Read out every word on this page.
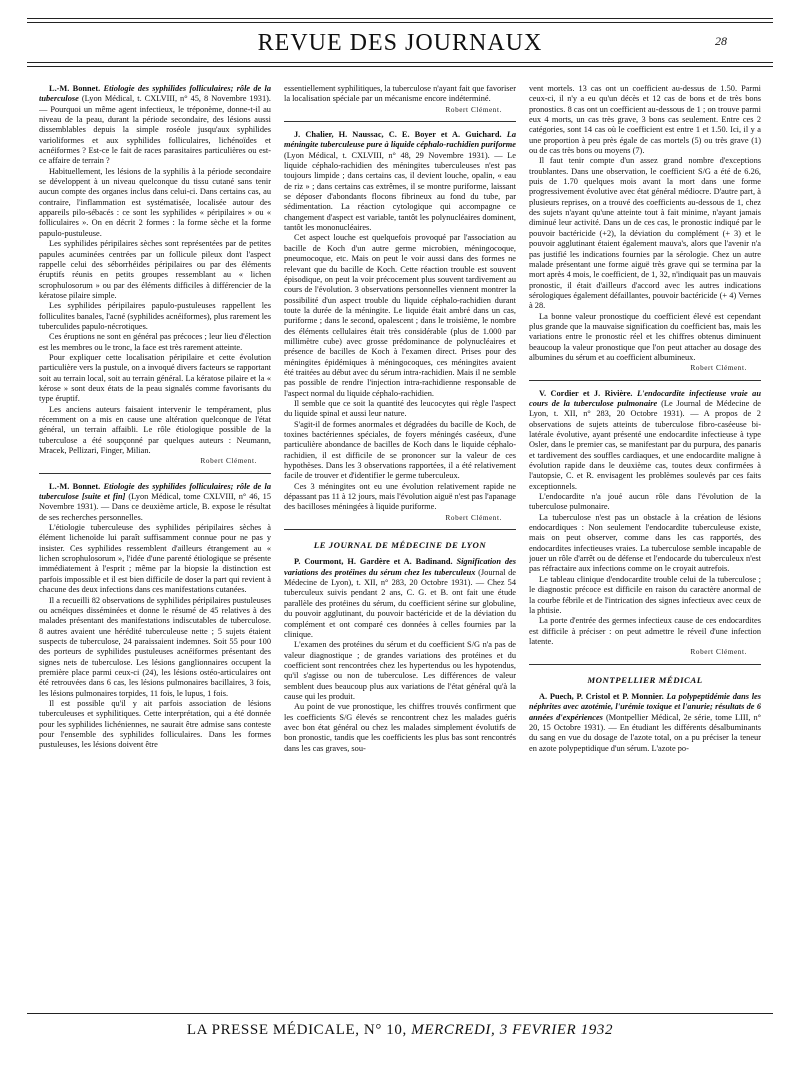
REVUE DES JOURNAUX	28

L.-M. Bonnet. Etiologie des syphilides folliculaires; rôle de la tuberculose (Lyon Médical, t. CXLVIII, n° 45, 8 Novembre 1931). — Pourquoi un même agent infectieux, le tréponème, donne-t-il au niveau de la peau, durant la période secondaire, des lésions aussi dissemblables depuis la simple roséole jusqu'aux syphilides varioliformes et aux syphilides folliculaires, lichénoïdes et acnéiformes ? Est-ce le fait de races parasitaires particulières ou est-ce affaire de terrain ?

Habituellement, les lésions de la syphilis à la période secondaire se développent à un niveau quelconque du tissu cutané sans tenir aucun compte des organes inclus dans celui-ci. Dans certains cas, au contraire, l'inflammation est systématisée, localisée autour des appareils pilo-sébacés : ce sont les syphilides « péripilaires » ou « folliculaires ». On en décrit 2 formes : la forme sèche et la forme papulo-pustuleuse.

Les syphilides péripilaires sèches sont représentées par de petites papules acuminées centrées par un follicule pileux dont l'aspect rappelle celui des séborrhéides péripilaires ou par des éléments éruptifs réunis en petits groupes ressemblant au « lichen scrophulosorum » ou par des éléments difficiles à différencier de la kératose pilaire simple.

Les syphilides péripilaires papulo-pustuleuses rappellent les folliculites banales, l'acné (syphilides acnéiformes), plus rarement les tuberculides papulo-nécrotiques.

Ces éruptions ne sont en général pas précoces ; leur lieu d'élection est les membres ou le tronc, la face est très rarement atteinte.

Pour expliquer cette localisation péripilaire et cette évolution particulière vers la pustule, on a invoqué divers facteurs se rapportant soit au terrain local, soit au terrain général. La kératose pilaire et la « kérose » sont deux états de la peau signalés comme favorisants du type éruptif.

Les anciens auteurs faisaient intervenir le tempérament, plus récemment on a mis en cause une altération quelconque de l'état général, un terrain affaibli. Le rôle étiologique possible de la tuberculose a été soupçonné par quelques auteurs : Neumann, Mracek, Pellizari, Finger, Milian.

Robert Clément.

L.-M. Bonnet. Etiologie des syphilides folliculaires; rôle de la tuberculose [suite et fin] (Lyon Médical, tome CXLVIII, n° 46, 15 Novembre 1931). — Dans ce deuxième article, B. expose le résultat de ses recherches personnelles.

L'étiologie tuberculeuse des syphilides péripilaires sèches à élément lichenoïde lui paraît suffisamment connue pour ne pas y insister. Ces syphilides ressemblent d'ailleurs étrangement au « lichen scrophulosorum », l'idée d'une parenté étiologique se présente immédiatement à l'esprit ; même par la biopsie la distinction est parfois impossible et il est bien difficile de doser la part qui revient à chacune des deux infections dans ces manifestations cutanées.

Il a recueilli 82 observations de syphilides péripilaires pustuleuses ou acnéiques disséminées et donne le résumé de 45 relatives à des malades présentant des manifestations indiscutables de tuberculose. 8 autres avaient une hérédité tuberculeuse nette ; 5 sujets étaient suspects de tuberculose, 24 paraissaient indemnes. Soit 55 pour 100 des porteurs de syphilides pustuleuses acnéiformes présentant des signes nets de tuberculose. Les lésions ganglionnaires occupent la première place parmi ceux-ci (24), les lésions ostéo-articulaires ont été retrouvées dans 6 cas, les lésions pulmonaires bacillaires, 3 fois, les lésions pulmonaires torpides, 11 fois, le lupus, 1 fois.

Il est possible qu'il y ait parfois association de lésions tuberculeuses et syphilitiques. Cette interprétation, qui a été donnée pour les syphilides lichéniennes, ne saurait être admise sans conteste pour l'ensemble des syphilides folliculaires. Dans les formes pustuleuses, les lésions doivent être

essentiellement syphilitiques, la tuberculose n'ayant fait que favoriser la localisation spéciale par un mécanisme encore indéterminé.

Robert Clément.

J. Chalier, H. Naussac, C. E. Boyer et A. Guichard. La méningite tuberculeuse pure à liquide céphalo-rachidien puriforme (Lyon Médical, t. CXLVIII, n° 48, 29 Novembre 1931). — Le liquide céphalo-rachidien des méningites tuberculeuses n'est pas toujours limpide ; dans certains cas, il devient louche, opalin, « eau de riz » ; dans certains cas extrêmes, il se montre puriforme, laissant se déposer d'abondants flocons fibrineux au fond du tube, par sédimentation. La réaction cytologique qui accompagne ce changement d'aspect est variable, tantôt les polynucléaires dominent, tantôt les mononucléaires.

Cet aspect louche est quelquefois provoqué par l'association au bacille de Koch d'un autre germe microbien, méningocoque, pneumocoque, etc. Mais on peut le voir aussi dans des formes ne relevant que du bacille de Koch. Cette réaction trouble est souvent épisodique, on peut la voir précocement plus souvent tardivement au cours de l'évolution. 3 observations personnelles viennent montrer la possibilité d'un aspect trouble du liquide céphalo-rachidien durant toute la durée de la méningite. Le liquide était ambré dans un cas, puriforme ; dans le second, opalescent ; dans le troisième, le nombre des éléments cellulaires était très considérable (plus de 1.000 par millimètre cube) avec grosse prédominance de polynucléaires et présence de bacilles de Koch à l'examen direct. Prises pour des méningites épidémiques à méningocoques, ces méningites avaient été traitées au début avec du sérum intra-rachidien. Mais il ne semble pas possible de rendre l'injection intra-rachidienne responsable de l'aspect normal du liquide céphalo-rachidien.

Il semble que ce soit la quantité des leucocytes qui règle l'aspect du liquide spinal et aussi leur nature.

S'agit-il de formes anormales et dégradées du bacille de Koch, de toxines bactériennes spéciales, de foyers méningés caséeux, d'une particulière abondance de bacilles de Koch dans le liquide céphalo-rachidien, il est difficile de se prononcer sur la valeur de ces hypothèses. Dans les 3 observations rapportées, il a été relativement facile de trouver et d'identifier le germe tuberculeux.

Ces 3 méningites ont eu une évolution relativement rapide ne dépassant pas 11 à 12 jours, mais l'évolution aiguë n'est pas l'apanage des bacilloses méningées à liquide puriforme.

Robert Clément.
LE JOURNAL DE MÉDECINE DE LYON

P. Courmont, H. Gardère et A. Badinand. Signification des variations des protéines du sérum chez les tuberculeux (Journal de Médecine de Lyon), t. XII, n° 283, 20 Octobre 1931). — Chez 54 tuberculeux suivis pendant 2 ans, C. G. et B. ont fait une étude parallèle des protéines du sérum, du coefficient sérine sur globuline, du pouvoir agglutinant, du pouvoir bactéricide et de la déviation du complément et ont comparé ces données à celles fournies par la clinique.

L'examen des protéines du sérum et du coefficient S/G n'a pas de valeur diagnostique ; de grandes variations des protéines et du coefficient sont rencontrées chez les hypertendus ou les hypotendus, qu'il s'agisse ou non de tuberculose. Les différences de valeur semblent dues beaucoup plus aux variations de l'état général qu'à la cause qui les produit.

Au point de vue pronostique, les chiffres trouvés confirment que les coefficients S/G élevés se rencontrent chez les malades guéris avec bon état général ou chez les malades simplement évolutifs de bon pronostic, tandis que les coefficients les plus bas sont rencontrés dans les cas graves, sou-

vent mortels. 13 cas ont un coefficient au-dessus de 1.50. Parmi ceux-ci, il n'y a eu qu'un décès et 12 cas de bons et de très bons pronostics. 8 cas ont un coefficient au-dessous de 1 ; on trouve parmi eux 4 morts, un cas très grave, 3 bons cas seulement. Entre ces 2 catégories, sont 14 cas où le coefficient est entre 1 et 1.50. Ici, il y a une proportion à peu près égale de cas mortels (5) ou très grave (1) ou de cas très bons ou moyens (7).

Il faut tenir compte d'un assez grand nombre d'exceptions troublantes. Dans une observation, le coefficient S/G a été de 6.26, puis de 1.70 quelques mois avant la mort dans une forme progressivement évolutive avec état général médiocre. D'autre part, à plusieurs reprises, on a trouvé des coefficients au-dessous de 1, chez des sujets n'ayant qu'une atteinte tout à fait minime, n'ayant jamais diminué leur activité. Dans un de ces cas, le pronostic indiqué par le pouvoir bactéricide (+2), la déviation du complément (+ 3) et le pouvoir agglutinant étaient également mauva's, alors que l'avenir n'a pas justifié les indications fournies par la sérologie. Chez un autre malade présentant une forme aiguë très grave qui se termina par la mort après 4 mois, le coefficient, de 1, 32, n'indiquait pas un mauvais pronostic, il était d'ailleurs d'accord avec les autres indications sérologiques également défaillantes, pouvoir bactéricide (+ 4) Vernes à 28.

La bonne valeur pronostique du coefficient élevé est cependant plus grande que la mauvaise signification du coefficient bas, mais les variations entre le pronostic réel et les chiffres obtenus diminuent beaucoup la valeur pronostique que l'on peut attacher au dosage des albumines du sérum et au coefficient albumineux.

Robert Clément.

V. Cordier et J. Rivière. L'endocardite infectieuse vraie au cours de la tuberculose pulmonaire (Le Journal de Médecine de Lyon, t. XII, n° 283, 20 Octobre 1931). — A propos de 2 observations de sujets atteints de tuberculose fibro-caséeuse bi-latérale évolutive, ayant présenté une endocardite infectieuse à type Osler, dans le premier cas, se manifestant par du purpura, des panaris et tardivement des souffles cardiaques, et une endocardite maligne à évolution rapide dans le deuxième cas, toutes deux confirmées à l'autopsie, C. et R. envisagent les problèmes soulevés par ces faits exceptionnels.

L'endocardite n'a joué aucun rôle dans l'évolution de la tuberculose pulmonaire.

La tuberculose n'est pas un obstacle à la création de lésions endocardiques : Non seulement l'endocardite tuberculeuse existe, mais on peut observer, comme dans les cas rapportés, des endocardites infectieuses vraies. La tuberculose semble incapable de jouer un rôle d'arrêt ou de défense et l'endocarde du tuberculeux n'est pas réfractaire aux infections comme on le croyait autrefois.

Le tableau clinique d'endocardite trouble celui de la tuberculose ; le diagnostic précoce est difficile en raison du caractère anormal de la courbe fébrile et de l'intrication des signes infectieux avec ceux de la phtisie.

La porte d'entrée des germes infectieux cause de ces endocardites est difficile à préciser : on peut admettre le réveil d'une infection latente.

Robert Clément.
MONTPELLIER MÉDICAL

A. Puech, P. Cristol et P. Monnier. La polypeptidémie dans les néphrites avec azotémie, l'urémie toxique et l'anurie; résultats de 6 années d'expériences (Montpellier Médical, 2e série, tome LIII, n° 20, 15 Octobre 1931). — En étudiant les différents désalbuminants du sang en vue du dosage de l'azote total, on a pu préciser la teneur en azote polypeptidique d'un sérum. L'azote po-

LA PRESSE MÉDICALE, N° 10, MERCREDI, 3 FEVRIER 1932
